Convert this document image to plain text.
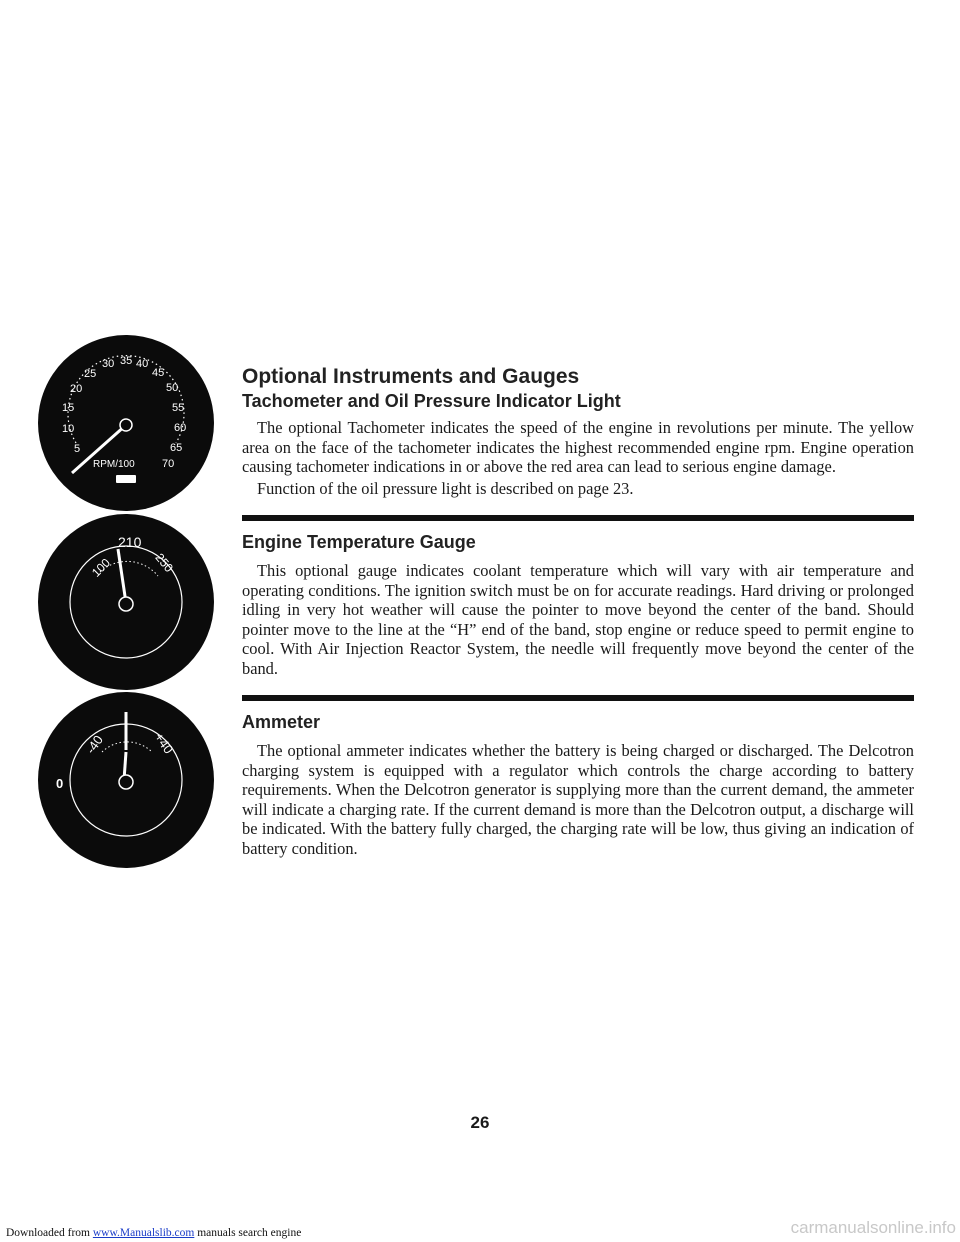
5
10
15
20
25
30 35 40
45
50
55
60
65
70
RPM/100
210
100	250
-40	+40
0
Optional Instruments and Gauges
Tachometer and Oil Pressure Indicator Light

The optional Tachometer indicates the speed of the engine in revolutions per minute. The yellow area on the face of the tachometer indicates the highest recommended engine rpm. Engine operation causing tachometer indications in or above the red area can lead to serious engine damage.

Function of the oil pressure light is described on page 23.

Engine Temperature Gauge

This optional gauge indicates coolant temperature which will vary with air temperature and operating conditions. The ignition switch must be on for accurate readings. Hard driving or prolonged idling in very hot weather will cause the pointer to move beyond the center of the band. Should pointer move to the line at the “H” end of the band, stop engine or reduce speed to permit engine to cool. With Air Injection Reactor System, the needle will frequently move beyond the center of the band.

Ammeter

The optional ammeter indicates whether the battery is being charged or discharged. The Delcotron charging system is equipped with a regulator which controls the charge according to battery requirements. When the Delcotron generator is supplying more than the current demand, the ammeter will indicate a charging rate. If the current demand is more than the Delcotron output, a discharge will be indicated. With the battery fully charged, the charging rate will be low, thus giving an indication of battery condition.

26
Downloaded from www.Manualslib.com manuals search engine	carmanualsonline.info
